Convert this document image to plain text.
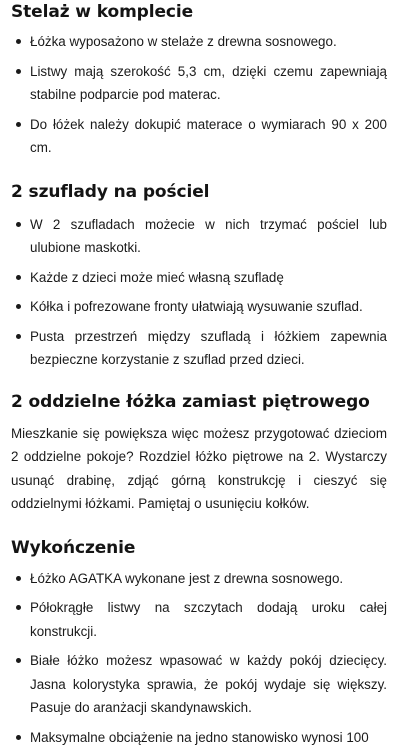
Stelaż w komplecie
Łóżka wyposażono w stelaże z drewna sosnowego.
Listwy mają szerokość 5,3 cm, dzięki czemu zapewniają stabilne podparcie pod materac.
Do łóżek należy dokupić materace o wymiarach 90 x 200 cm.
2 szuflady na pościel
W 2 szufladach możecie w nich trzymać pościel lub ulubione maskotki.
Każde z dzieci może mieć własną szufladę
Kółka i pofrezowane fronty ułatwiają wysuwanie szuflad.
Pusta przestrzeń między szufladą i łóżkiem zapewnia bezpieczne korzystanie z szuflad przed dzieci.
2 oddzielne łóżka zamiast piętrowego

Mieszkanie się powiększa więc możesz przygotować dzieciom 2 oddzielne pokoje? Rozdziel łóżko piętrowe na 2. Wystarczy usunąć drabinę, zdjąć górną konstrukcję i cieszyć się oddzielnymi łóżkami. Pamiętaj o usunięciu kołków.

Wykończenie
Łóżko AGATKA wykonane jest z drewna sosnowego.
Półokrągłe listwy na szczytach dodają uroku całej konstrukcji.
Białe łóżko możesz wpasować w każdy pokój dziecięcy. Jasna kolorystyka sprawia, że pokój wydaje się większy. Pasuje do aranżacji skandynawskich.
Maksymalne obciążenie na jedno stanowisko wynosi 100
